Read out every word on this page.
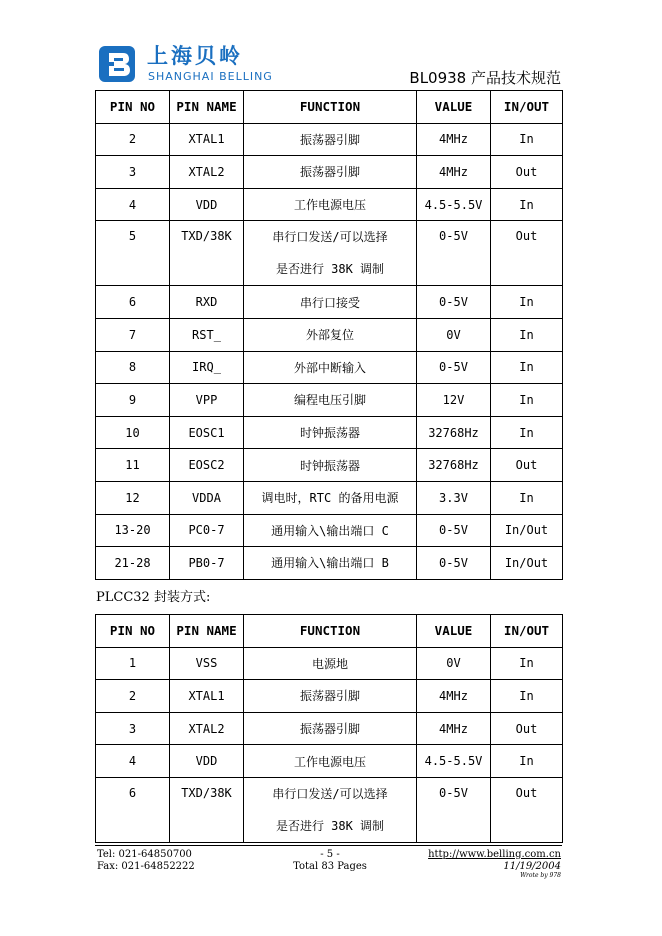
上海贝岭
SHANGHAI BELLING	BL0938 产品技术规范
PIN NO	PIN NAME	FUNCTION	VALUE	IN/OUT
2	XTAL1	振荡器引脚	4MHz	In
3	XTAL2	振荡器引脚	4MHz	Out
4	VDD	工作电源电压	4.5-5.5V	In
5	TXD/38K	串行口发送/可以选择
是否进行 38K 调制	0-5V	Out
6	RXD	串行口接受	0-5V	In
7	RST_	外部复位	0V	In
8	IRQ_	外部中断输入	0-5V	In
9	VPP	编程电压引脚	12V	In
10	EOSC1	时钟振荡器	32768Hz	In
11	EOSC2	时钟振荡器	32768Hz	Out
12	VDDA	调电时，RTC 的备用电源	3.3V	In
13-20	PC0-7	通用输入\输出端口 C	0-5V	In/Out
21-28	PB0-7	通用输入\输出端口 B	0-5V	In/Out
PLCC32 封装方式:
PIN NO	PIN NAME	FUNCTION	VALUE	IN/OUT
1	VSS	电源地	0V	In
2	XTAL1	振荡器引脚	4MHz	In
3	XTAL2	振荡器引脚	4MHz	Out
4	VDD	工作电源电压	4.5-5.5V	In
6	TXD/38K	串行口发送/可以选择
是否进行 38K 调制	0-5V	Out
Tel: 021-64850700
Fax: 021-64852222
- 5 -
Total 83 Pages
http://www.belling.com.cn
11/19/2004
Wrote by 978
